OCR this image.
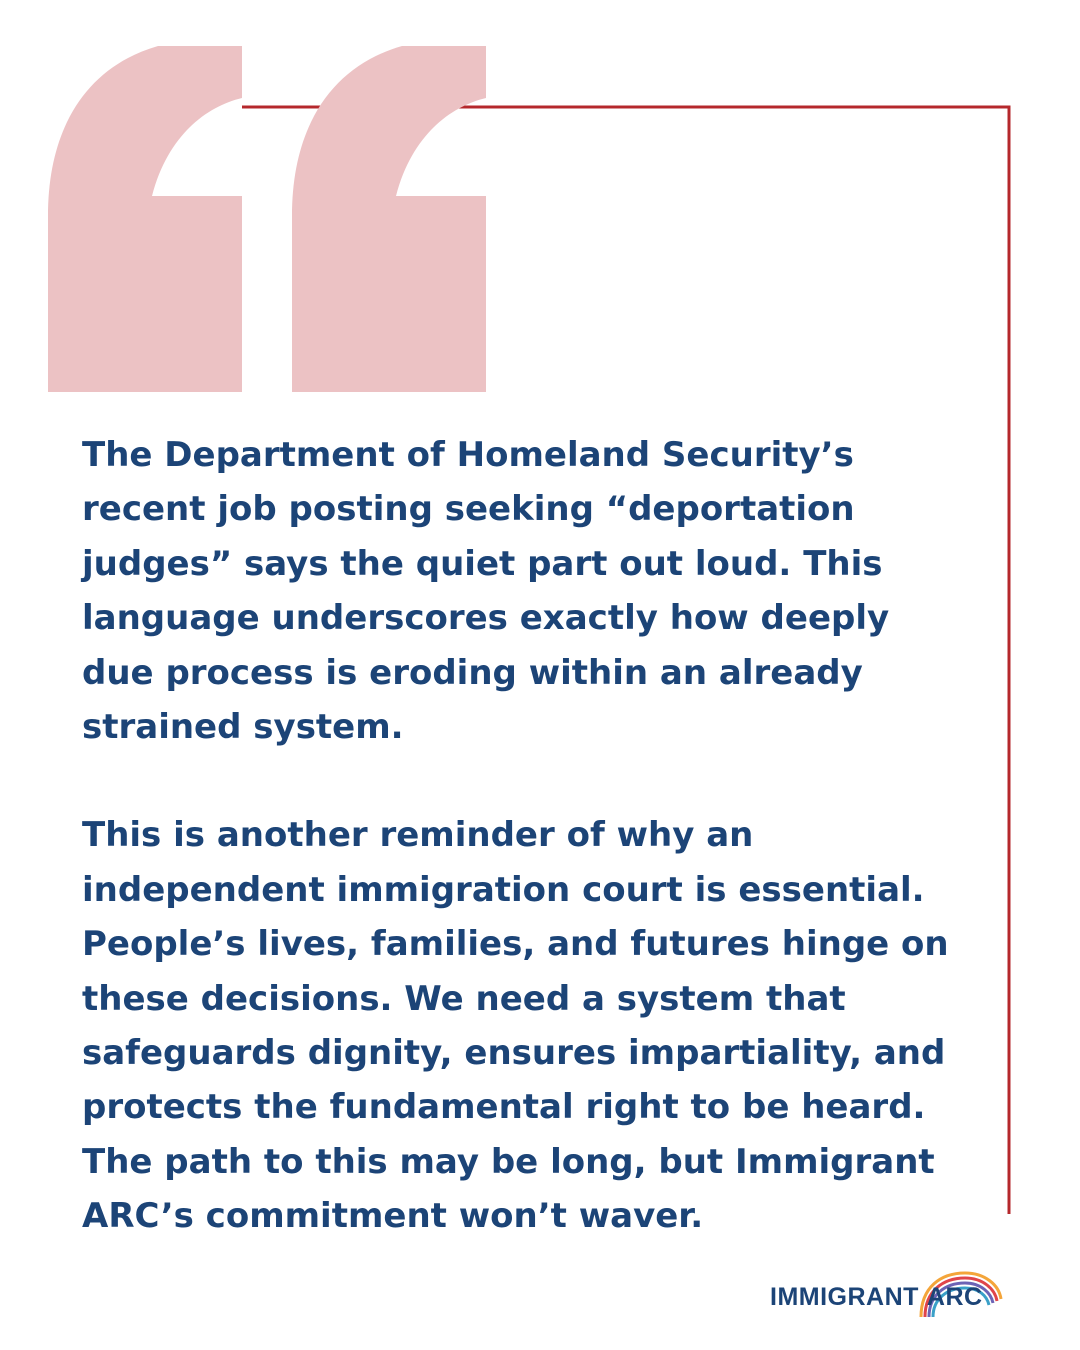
The Department of Homeland Security’s
recent job posting seeking “deportation
judges” says the quiet part out loud. This
language underscores exactly how deeply
due process is eroding within an already
strained system.

This is another reminder of why an
independent immigration court is essential.
People’s lives, families, and futures hinge on
these decisions. We need a system that
safeguards dignity, ensures impartiality, and
protects the fundamental right to be heard.
The path to this may be long, but Immigrant
ARC’s commitment won’t waver.

IMMIGRANT ARC
